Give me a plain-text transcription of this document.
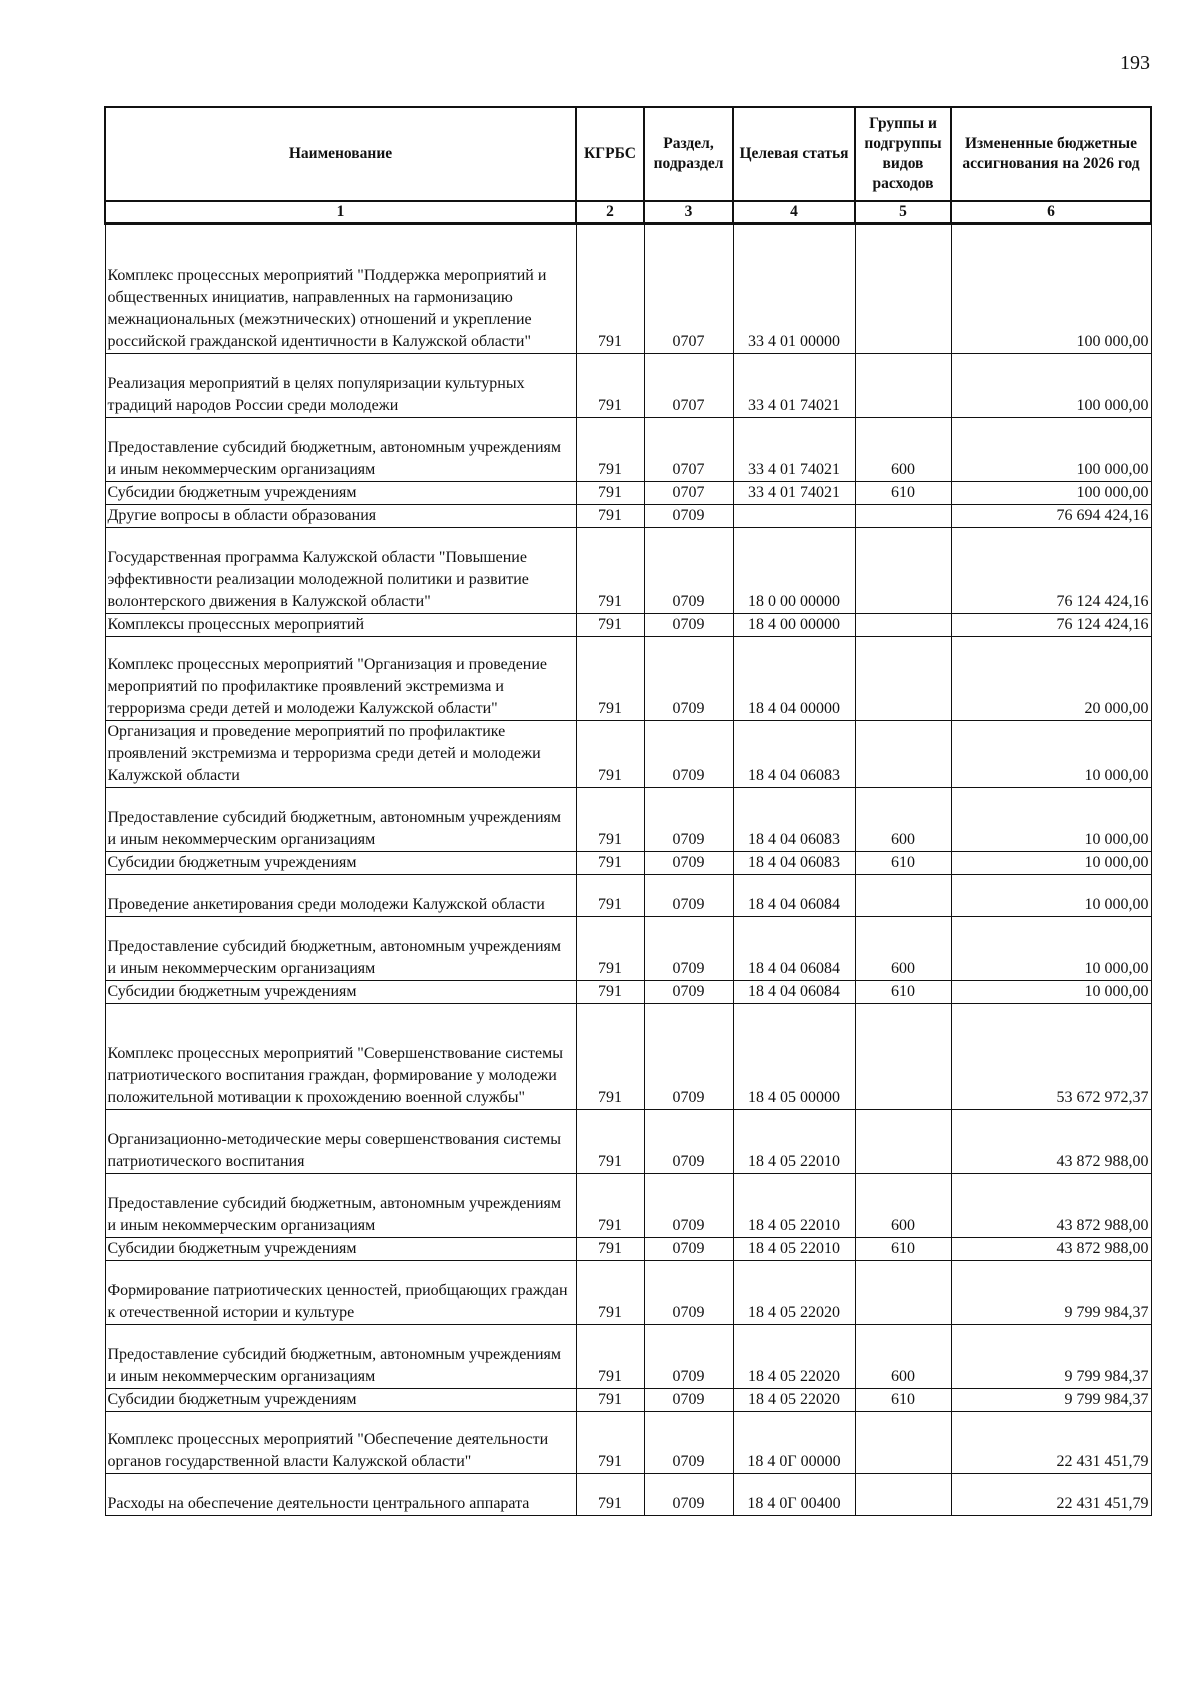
193
Наименование	КГРБС	Раздел, подраздел	Целевая статья	Группы и подгруппы видов расходов	Измененные бюджетные ассигнования на 2026 год
1	2	3	4	5	6
Комплекс процессных мероприятий "Поддержка мероприятий и общественных инициатив, направленных на гармонизацию межнациональных (межэтнических) отношений и укрепление российской гражданской идентичности в Калужской области"	791	0707	33 4 01 00000		100 000,00
Реализация мероприятий в целях популяризации культурных традиций народов России среди молодежи	791	0707	33 4 01 74021		100 000,00
Предоставление субсидий бюджетным, автономным учреждениям и иным некоммерческим организациям	791	0707	33 4 01 74021	600	100 000,00
Субсидии бюджетным учреждениям	791	0707	33 4 01 74021	610	100 000,00
Другие вопросы в области образования	791	0709			76 694 424,16
Государственная программа Калужской области "Повышение эффективности реализации молодежной политики и развитие волонтерского движения в Калужской области"	791	0709	18 0 00 00000		76 124 424,16
Комплексы процессных мероприятий	791	0709	18 4 00 00000		76 124 424,16
Комплекс процессных мероприятий "Организация и проведение мероприятий по профилактике проявлений экстремизма и терроризма среди детей и молодежи Калужской области"	791	0709	18 4 04 00000		20 000,00
Организация и проведение мероприятий по профилактике проявлений экстремизма и терроризма среди детей и молодежи Калужской области	791	0709	18 4 04 06083		10 000,00
Предоставление субсидий бюджетным, автономным учреждениям и иным некоммерческим организациям	791	0709	18 4 04 06083	600	10 000,00
Субсидии бюджетным учреждениям	791	0709	18 4 04 06083	610	10 000,00
Проведение анкетирования среди молодежи Калужской области	791	0709	18 4 04 06084		10 000,00
Предоставление субсидий бюджетным, автономным учреждениям и иным некоммерческим организациям	791	0709	18 4 04 06084	600	10 000,00
Субсидии бюджетным учреждениям	791	0709	18 4 04 06084	610	10 000,00
Комплекс процессных мероприятий "Совершенствование системы патриотического воспитания граждан, формирование у молодежи положительной мотивации к прохождению военной службы"	791	0709	18 4 05 00000		53 672 972,37
Организационно-методические меры совершенствования системы патриотического воспитания	791	0709	18 4 05 22010		43 872 988,00
Предоставление субсидий бюджетным, автономным учреждениям и иным некоммерческим организациям	791	0709	18 4 05 22010	600	43 872 988,00
Субсидии бюджетным учреждениям	791	0709	18 4 05 22010	610	43 872 988,00
Формирование патриотических ценностей, приобщающих граждан к отечественной истории и культуре	791	0709	18 4 05 22020		9 799 984,37
Предоставление субсидий бюджетным, автономным учреждениям и иным некоммерческим организациям	791	0709	18 4 05 22020	600	9 799 984,37
Субсидии бюджетным учреждениям	791	0709	18 4 05 22020	610	9 799 984,37
Комплекс процессных мероприятий "Обеспечение деятельности органов государственной власти Калужской области"	791	0709	18 4 0Г 00000		22 431 451,79
Расходы на обеспечение деятельности центрального аппарата	791	0709	18 4 0Г 00400		22 431 451,79
